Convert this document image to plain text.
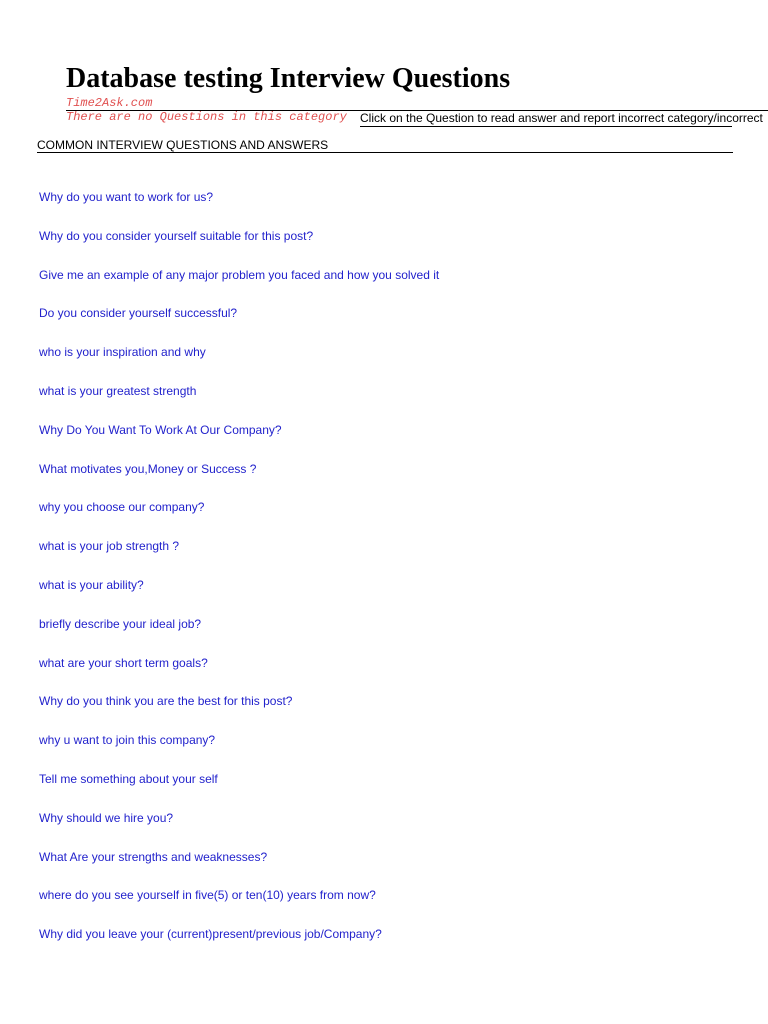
Database testing Interview Questions
Time2Ask.com
There are no Questions in this category Click on the Question to read answer and report incorrect category/incorrect
COMMON INTERVIEW QUESTIONS AND ANSWERS
Why do you want to work for us?
Why do you consider yourself suitable for this post?
Give me an example of any major problem you faced and how you solved it
Do you consider yourself successful?
who is your inspiration and why
what is your greatest strength
Why Do You Want To Work At Our Company?
What motivates you,Money or Success ?
why you choose our company?
what is your job strength ?
what is your ability?
briefly describe your ideal job?
what are your short term goals?
Why do you think you are the best for this post?
why u want to join this company?
Tell me something about your self
Why should we hire you?
What Are your strengths and weaknesses?
where do you see yourself in five(5) or ten(10) years from now?
Why did you leave your (current)present/previous job/Company?
